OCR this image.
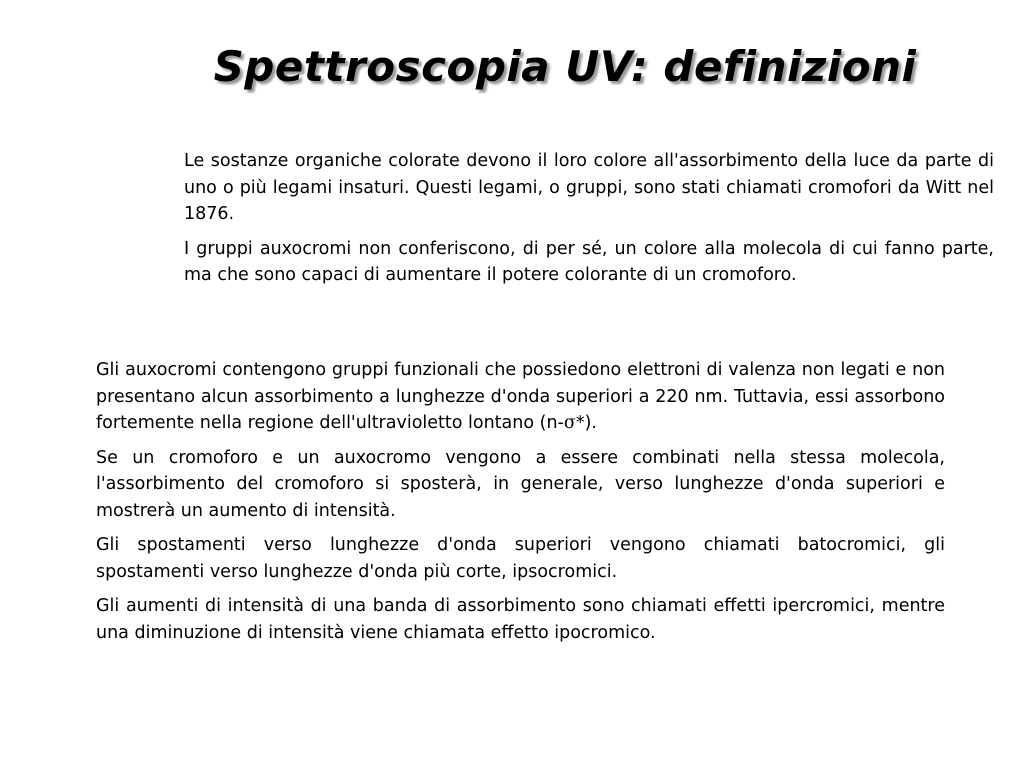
Spettroscopia UV: definizioni

Le sostanze organiche colorate devono il loro colore all'assorbimento della luce da parte di uno o più legami insaturi. Questi legami, o gruppi, sono stati chiamati cromofori da Witt nel 1876.

I gruppi auxocromi non conferiscono, di per sé, un colore alla molecola di cui fanno parte, ma che sono capaci di aumentare il potere colorante di un cromoforo.

Gli auxocromi contengono gruppi funzionali che possiedono elettroni di valenza non legati e non presentano alcun assorbimento a lunghezze d'onda superiori a 220 nm. Tuttavia, essi assorbono fortemente nella regione dell'ultravioletto lontano (n-σ*).

Se un cromoforo e un auxocromo vengono a essere combinati nella stessa molecola, l'assorbimento del cromoforo si sposterà, in generale, verso lunghezze d'onda superiori e mostrerà un aumento di intensità.

Gli spostamenti verso lunghezze d'onda superiori vengono chiamati batocromici, gli spostamenti verso lunghezze d'onda più corte, ipsocromici.

Gli aumenti di intensità di una banda di assorbimento sono chiamati effetti ipercromici, mentre una diminuzione di intensità viene chiamata effetto ipocromico.
